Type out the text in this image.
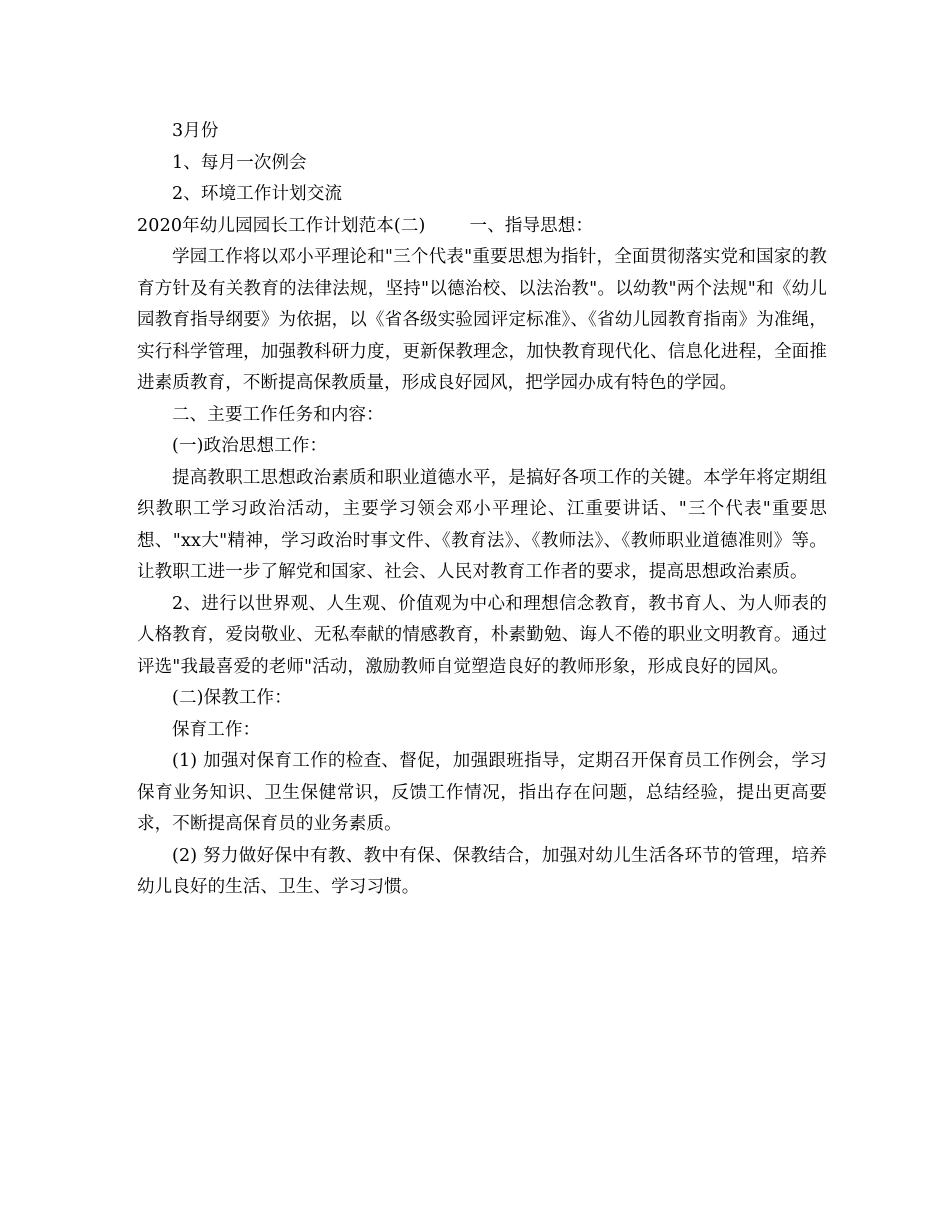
3月份

1、每月一次例会

2、环境工作计划交流

2020年幼儿园园长工作计划范本(二)	一、指导思想：

学园工作将以邓小平理论和"三个代表"重要思想为指针，全面贯彻落实党和国家的教育方针及有关教育的法律法规，坚持"以德治校、以法治教"。以幼教"两个法规"和《幼儿园教育指导纲要》为依据，以《省各级实验园评定标准》、《省幼儿园教育指南》为准绳，实行科学管理，加强教科研力度，更新保教理念，加快教育现代化、信息化进程，全面推进素质教育，不断提高保教质量，形成良好园风，把学园办成有特色的学园。

二、主要工作任务和内容：

(一)政治思想工作：

提高教职工思想政治素质和职业道德水平，是搞好各项工作的关键。本学年将定期组织教职工学习政治活动，主要学习领会邓小平理论、江重要讲话、"三个代表"重要思想、"xx大"精神，学习政治时事文件、《教育法》、《教师法》、《教师职业道德准则》等。让教职工进一步了解党和国家、社会、人民对教育工作者的要求，提高思想政治素质。

2、进行以世界观、人生观、价值观为中心和理想信念教育，教书育人、为人师表的人格教育，爱岗敬业、无私奉献的情感教育，朴素勤勉、诲人不倦的职业文明教育。通过评选"我最喜爱的老师"活动，激励教师自觉塑造良好的教师形象，形成良好的园风。

(二)保教工作：

保育工作：

(1) 加强对保育工作的检查、督促，加强跟班指导，定期召开保育员工作例会，学习保育业务知识、卫生保健常识，反馈工作情况，指出存在问题，总结经验，提出更高要求，不断提高保育员的业务素质。

(2) 努力做好保中有教、教中有保、保教结合，加强对幼儿生活各环节的管理，培养幼儿良好的生活、卫生、学习习惯。
